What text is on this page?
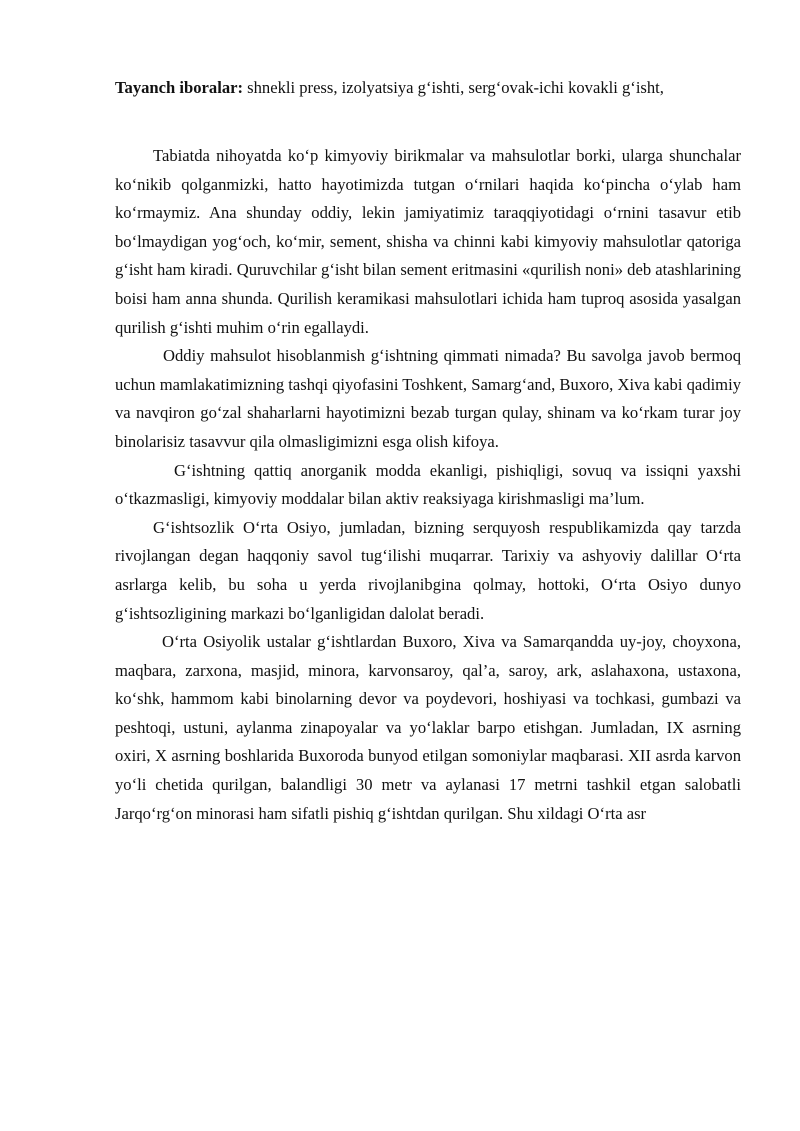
Tayanch iboralar: shnekli press, izolyatsiya g‘ishti, serg‘ovak-ichi kovakli g‘isht,

Tabiatda nihoyatda ko‘p kimyoviy birikmalar va mahsulotlar borki, ularga shunchalar ko‘nikib qolganmizki, hatto hayotimizda tutgan o‘rnilari haqida ko‘pincha o‘ylab ham ko‘rmaymiz. Ana shunday oddiy, lekin jamiyatimiz taraqqiyotidagi o‘rnini tasavur etib bo‘lmaydigan yog‘och, ko‘mir, sement, shisha va chinni kabi kimyoviy mahsulotlar qatoriga g‘isht ham kiradi. Quruvchilar g‘isht bilan sement eritmasini «qurilish noni» deb atashlarining boisi ham anna shunda. Qurilish keramikasi mahsulotlari ichida ham tuproq asosida yasalgan qurilish g‘ishti muhim o‘rin egallaydi.

Oddiy mahsulot hisoblanmish g‘ishtning qimmati nimada? Bu savolga javob bermoq uchun mamlakatimizning tashqi qiyofasini Toshkent, Samarg‘and, Buxoro, Xiva kabi qadimiy va navqiron go‘zal shaharlarni hayotimizni bezab turgan qulay, shinam va ko‘rkam turar joy binolarisiz tasavvur qila olmasligimizni esga olish kifoya.

G‘ishtning qattiq anorganik modda ekanligi, pishiqligi, sovuq va issiqni yaxshi o‘tkazmasligi, kimyoviy moddalar bilan aktiv reaksiyaga kirishmasligi ma’lum.

G‘ishtsozlik O‘rta Osiyo, jumladan, bizning serquyosh respublikamizda qay tarzda rivojlangan degan haqqoniy savol tug‘ilishi muqarrar. Tarixiy va ashyoviy dalillar O‘rta asrlarga kelib, bu soha u yerda rivojlanibgina qolmay, hottoki, O‘rta Osiyo dunyo g‘ishtsozligining markazi bo‘lganligidan dalolat beradi.

O‘rta Osiyolik ustalar g‘ishtlardan Buxoro, Xiva va Samarqandda uy-joy, choyxona, maqbara, zarxona, masjid, minora, karvonsaroy, qal’a, saroy, ark, aslahaxona, ustaxona, ko‘shk, hammom kabi binolarning devor va poydevori, hoshiyasi va tochkasi, gumbazi va peshtoqi, ustuni, aylanma zinapoyalar va yo‘laklar barpo etishgan. Jumladan, IX asrning oxiri, X asrning boshlarida Buxoroda bunyod etilgan somoniylar maqbarasi. XII asrda karvon yo‘li chetida qurilgan, balandligi 30 metr va aylanasi 17 metrni tashkil etgan salobatli Jarqo‘rg‘on minorasi ham sifatli pishiq g‘ishtdan qurilgan. Shu xildagi O‘rta asr
